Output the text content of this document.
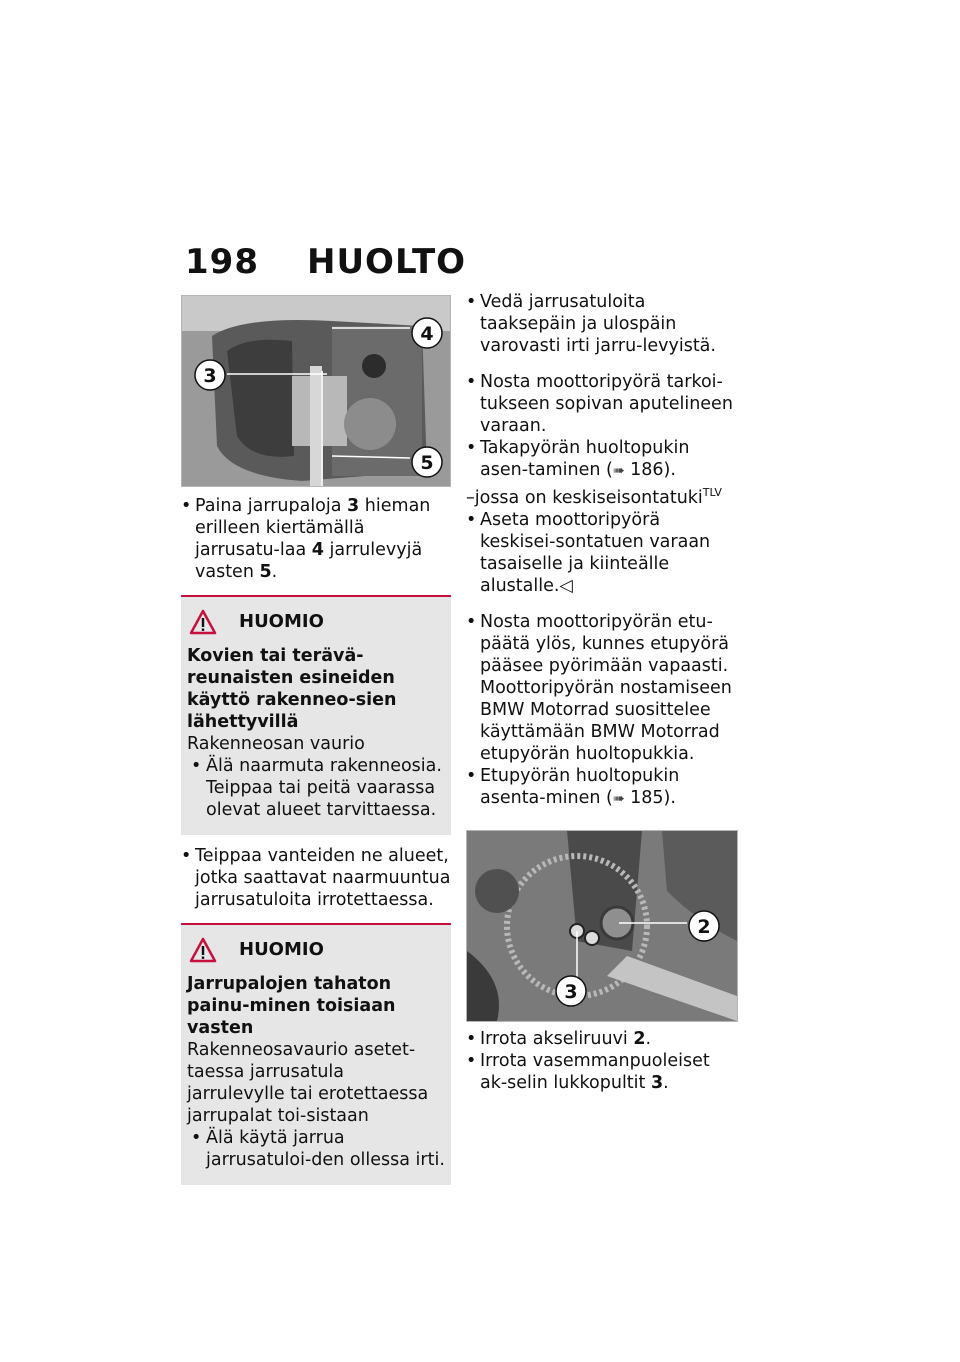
198 HUOLTO
4
3
5

• Paina jarrupaloja 3 hieman erilleen kiertämällä jarrusatu-laa 4 jarrulevyjä vasten 5.

HUOMIO

Kovien tai teräväreunaisten esineiden käyttö rakenneo-sien lähettyvillä

Rakenneosan vaurio

• Älä naarmuta rakenneosia. Teippaa tai peitä vaarassa olevat alueet tarvittaessa.

• Teippaa vanteiden ne alueet, jotka saattavat naarmuuntua jarrusatuloita irrotettaessa.

HUOMIO

Jarrupalojen tahaton painu-minen toisiaan vasten

Rakenneosavaurio asetet-taessa jarrusatula jarrulevylle tai erotettaessa jarrupalat toi-sistaan

• Älä käytä jarrua jarrusatuloi-den ollessa irti.

• Vedä jarrusatuloita taaksepäin ja ulospäin varovasti irti jarru-levyistä.

• Nosta moottoripyörä tarkoi-tukseen sopivan aputelineen varaan.

• Takapyörän huoltopukin asen-taminen (➠ 186).

–jossa on keskiseisontatuki$^{TLV}$

• Aseta moottoripyörä keskisei-sontatuen varaan tasaiselle ja kiinteälle alustalle.◁

• Nosta moottoripyörän etu-päätä ylös, kunnes etupyörä pääsee pyörimään vapaasti. Moottoripyörän nostamiseen BMW Motorrad suosittelee käyttämään BMW Motorrad etupyörän huoltopukkia.

• Etupyörän huoltopukin asenta-minen (➠ 185).

2
3

• Irrota akseliruuvi 2.

• Irrota vasemmanpuoleiset ak-selin lukkopultit 3.
